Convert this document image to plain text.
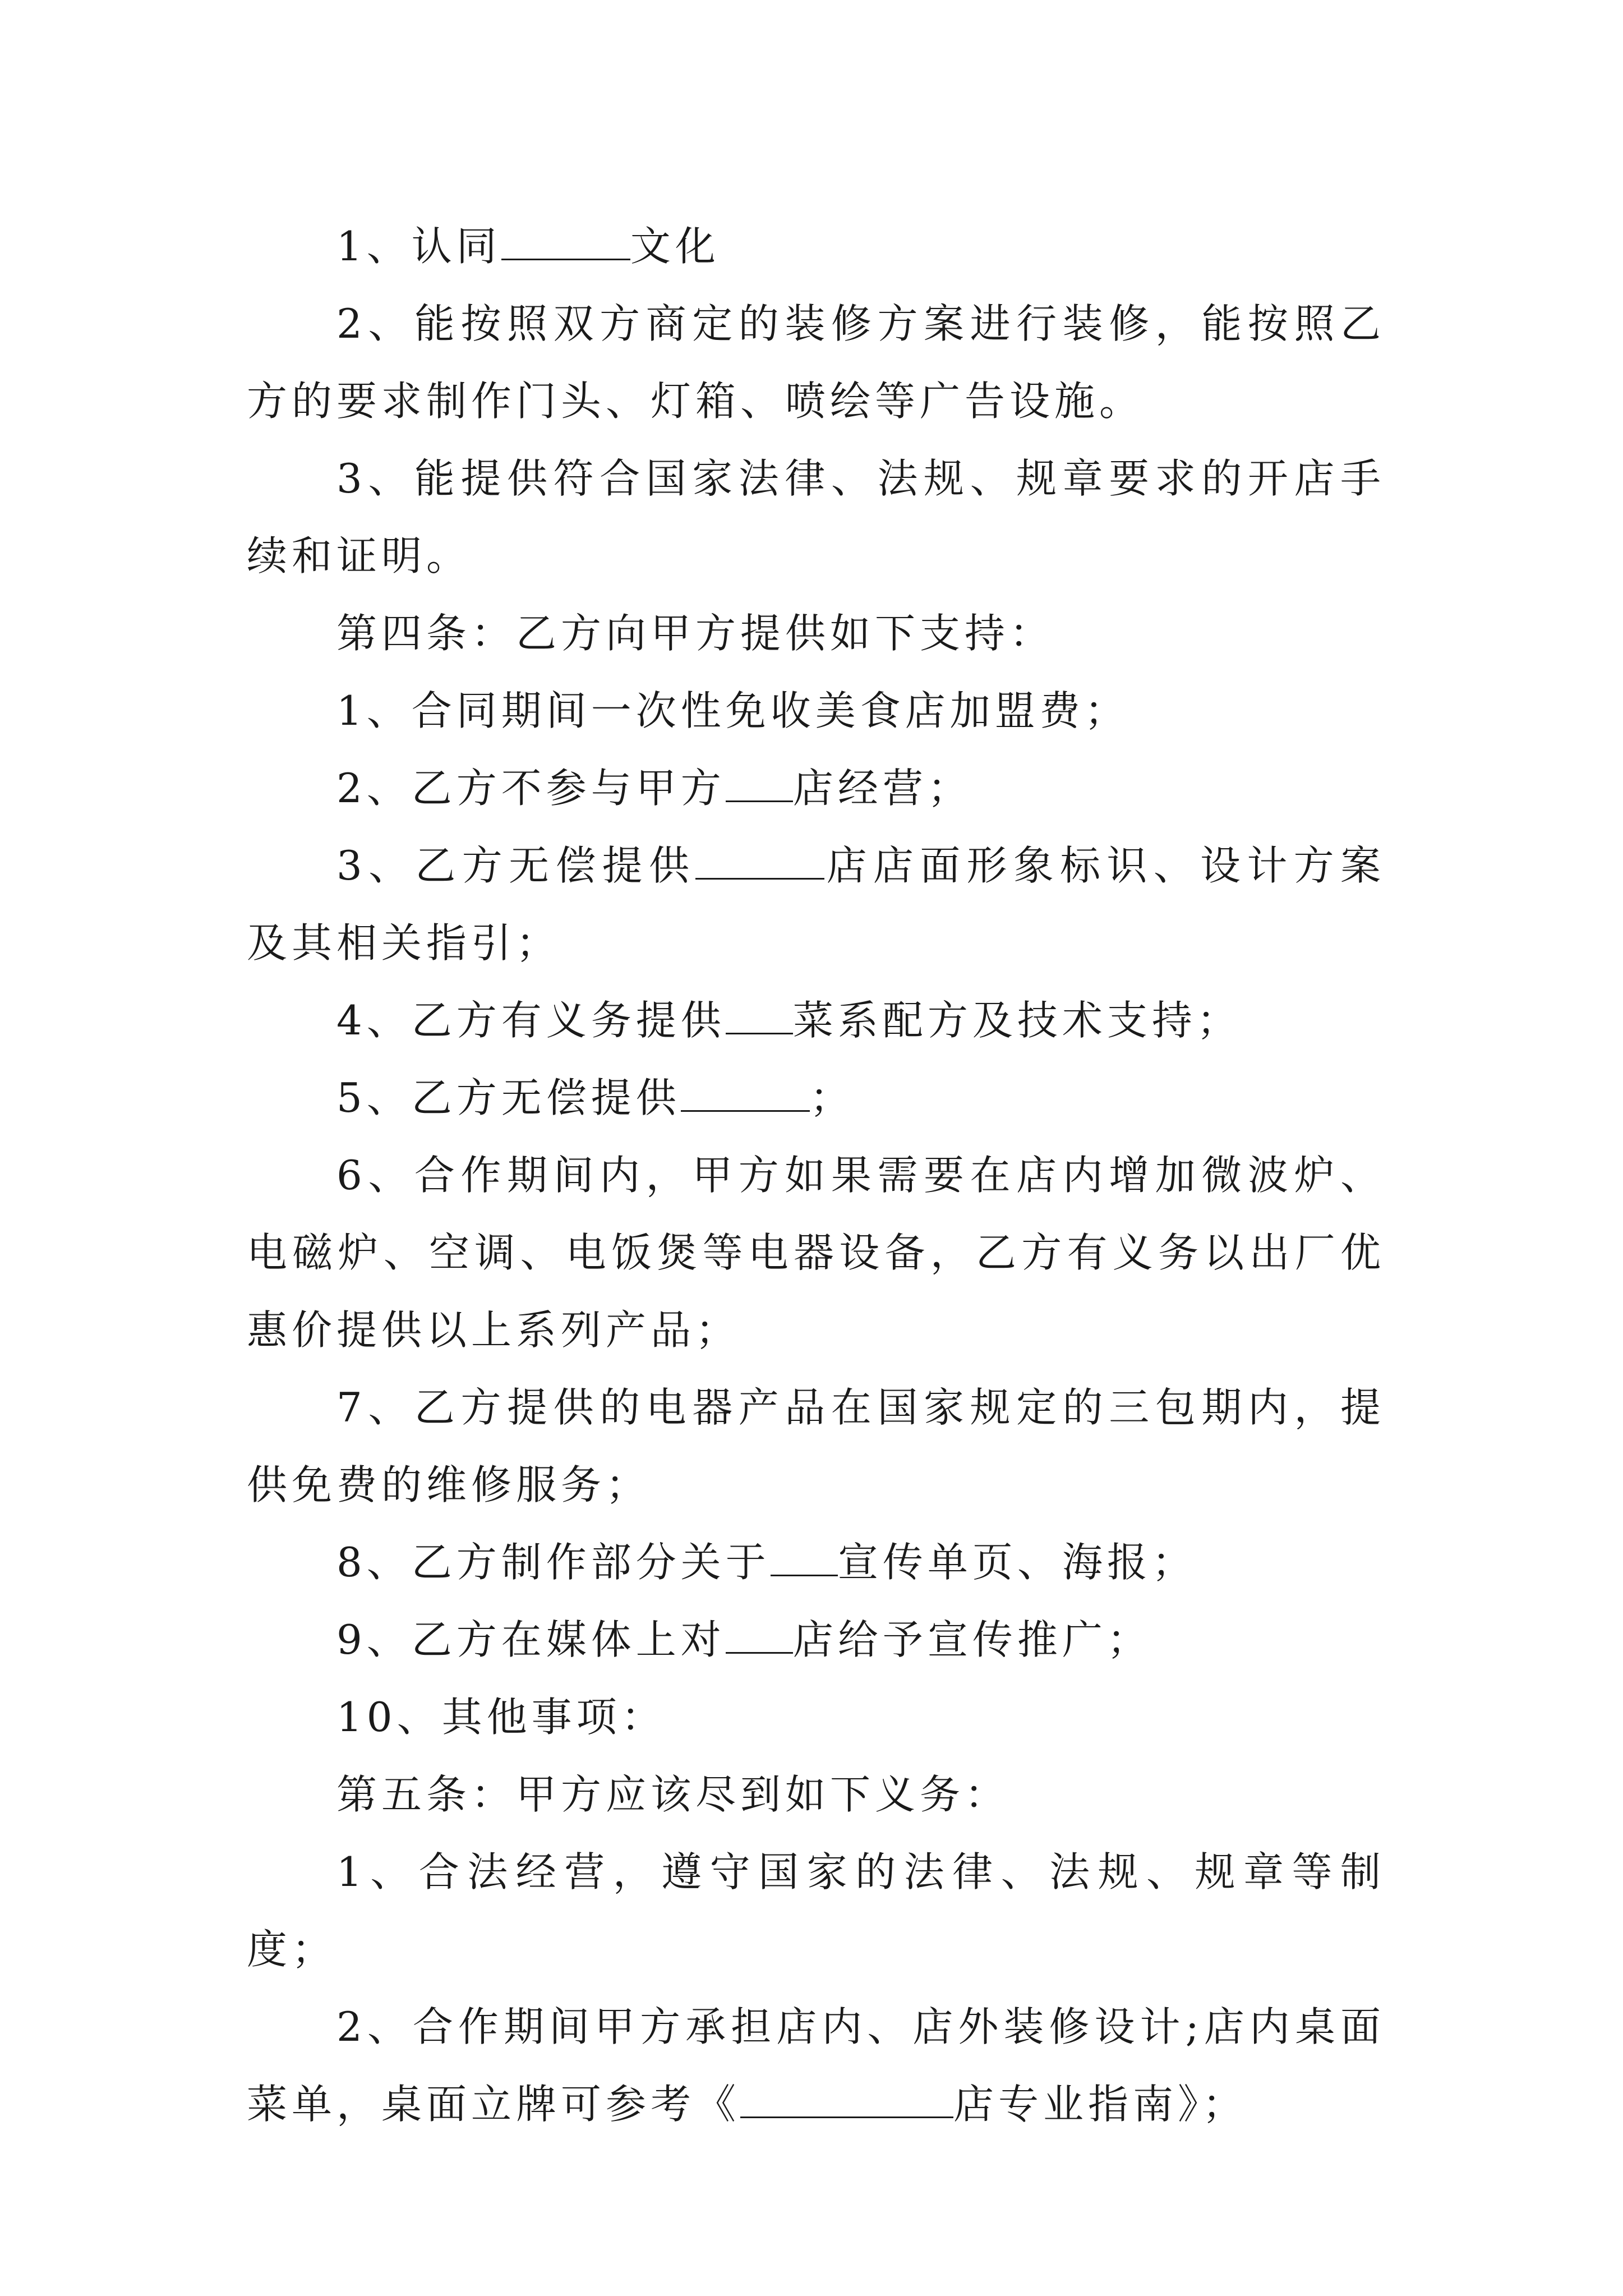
1、认同	文化

2、能按照双方商定的装修方案进行装修，能按照乙方的要求制作门头、灯箱、喷绘等广告设施。

3、能提供符合国家法律、法规、规章要求的开店手续和证明。

第四条：乙方向甲方提供如下支持：

1、合同期间一次性免收美食店加盟费；

2、乙方不参与甲方 店经营；

3、乙方无偿提供	店店面形象标识、设计方案及其相关指引；

4、乙方有义务提供 菜系配方及技术支持；

5、乙方无偿提供	；

6、合作期间内，甲方如果需要在店内增加微波炉、电磁炉、空调、电饭煲等电器设备，乙方有义务以出厂优惠价提供以上系列产品；

7、乙方提供的电器产品在国家规定的三包期内，提供免费的维修服务；

8、乙方制作部分关于 宣传单页、海报；

9、乙方在媒体上对 店给予宣传推广；

10、其他事项：

第五条：甲方应该尽到如下义务：

1、合法经营，遵守国家的法律、法规、规章等制度；

2、合作期间甲方承担店内、店外装修设计;店内桌面菜单，桌面立牌可参考《	店专业指南》；
